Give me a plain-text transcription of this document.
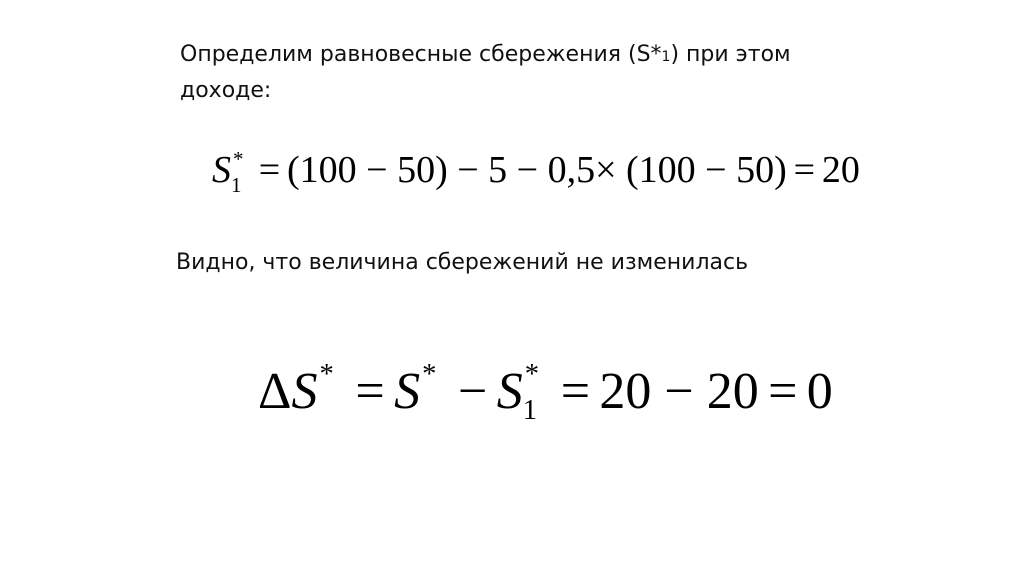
Определим равновесные сбережения (S*1) при этом доходе:
S *
1 = (100 − 50) − 5 − 0,5× (100 − 50) = 20
Видно, что величина сбережений не изменилась
ΔS * = S * − S *
1 = 20 − 20 = 0
